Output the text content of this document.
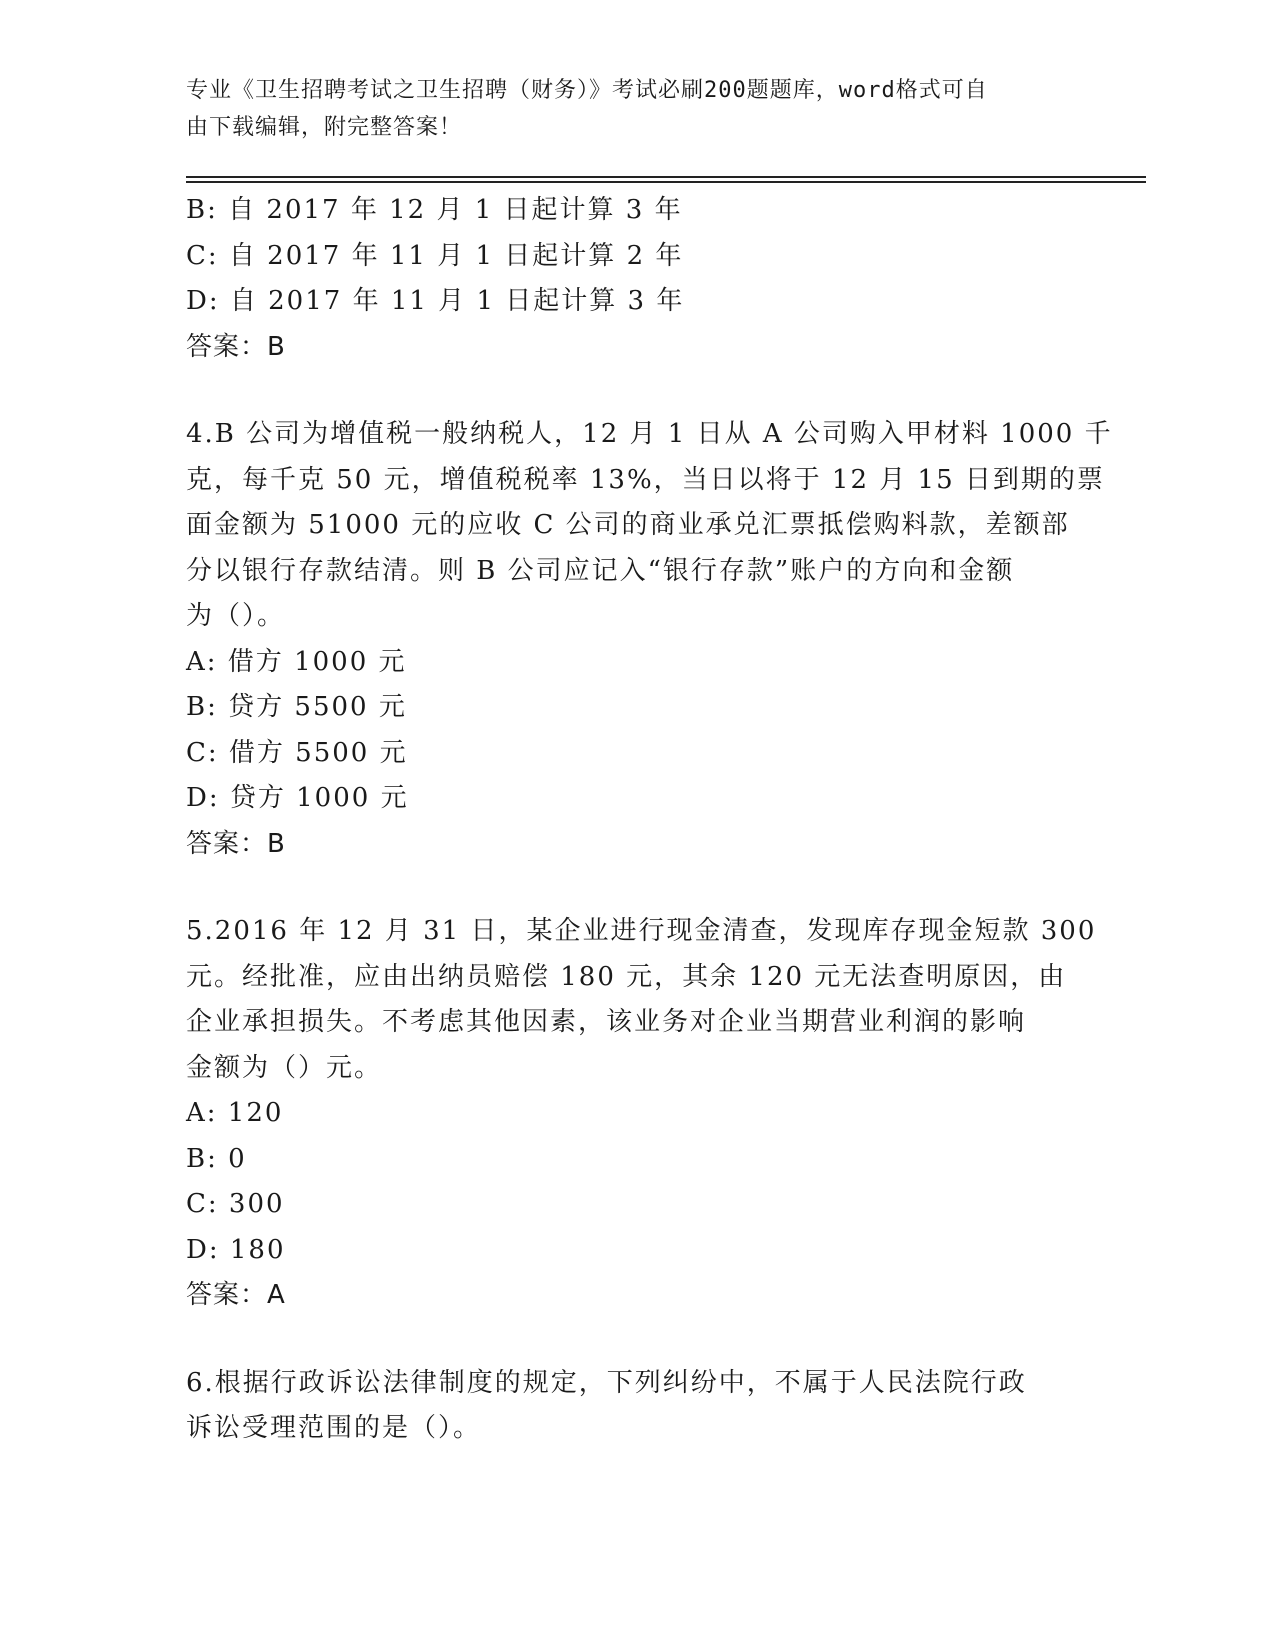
专业《卫生招聘考试之卫生招聘（财务）》考试必刷200题题库，word格式可自
由下载编辑，附完整答案！
B: 自 2017 年 12 月 1 日起计算 3 年
C: 自 2017 年 11 月 1 日起计算 2 年
D: 自 2017 年 11 月 1 日起计算 3 年
答案：B
4.B 公司为增值税一般纳税人，12 月 1 日从 A 公司购入甲材料 1000 千
克，每千克 50 元，增值税税率 13%，当日以将于 12 月 15 日到期的票
面金额为 51000 元的应收 C 公司的商业承兑汇票抵偿购料款，差额部
分以银行存款结清。则 B 公司应记入“银行存款”账户的方向和金额
为（）。
A: 借方 1000 元
B: 贷方 5500 元
C: 借方 5500 元
D: 贷方 1000 元
答案：B
5.2016 年 12 月 31 日，某企业进行现金清查，发现库存现金短款 300
元。经批准，应由出纳员赔偿 180 元，其余 120 元无法查明原因，由
企业承担损失。不考虑其他因素，该业务对企业当期营业利润的影响
金额为（）元。
A: 120
B: 0
C: 300
D: 180
答案：A
6.根据行政诉讼法律制度的规定，下列纠纷中，不属于人民法院行政
诉讼受理范围的是（）。
